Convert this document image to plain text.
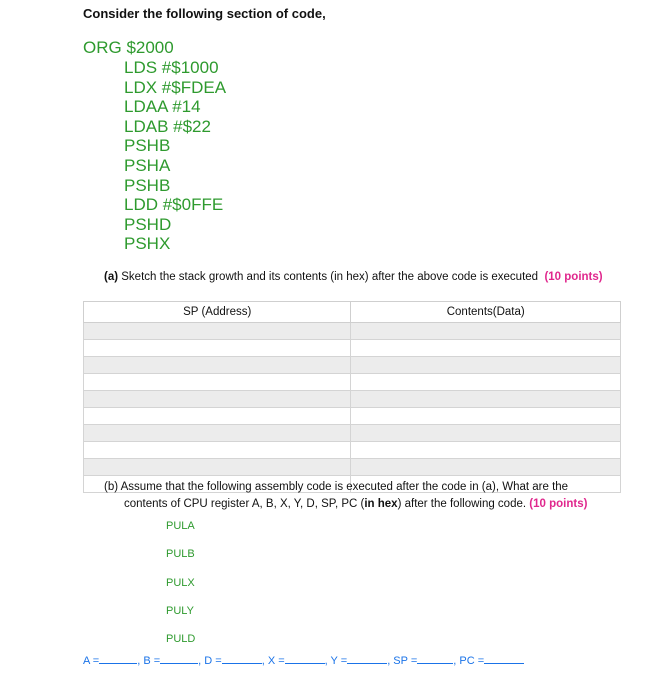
Consider the following section of code,
ORG $2000
LDS #$1000
LDX #$FDEA
LDAA #14
LDAB #$22
PSHB
PSHA
PSHB
LDD #$0FFE
PSHD
PSHX
(a) Sketch the stack growth and its contents (in hex) after the above code is executed (10 points)
SP (Address)	Contents(Data)

(b) Assume that the following assembly code is executed after the code in (a), What are the
contents of CPU register A, B, X, Y, D, SP, PC (in hex) after the following code. (10 points)
PULA
PULB
PULX
PULY
PULD
A =	, B =	, D =	, X =	, Y =	, SP =	, PC =
